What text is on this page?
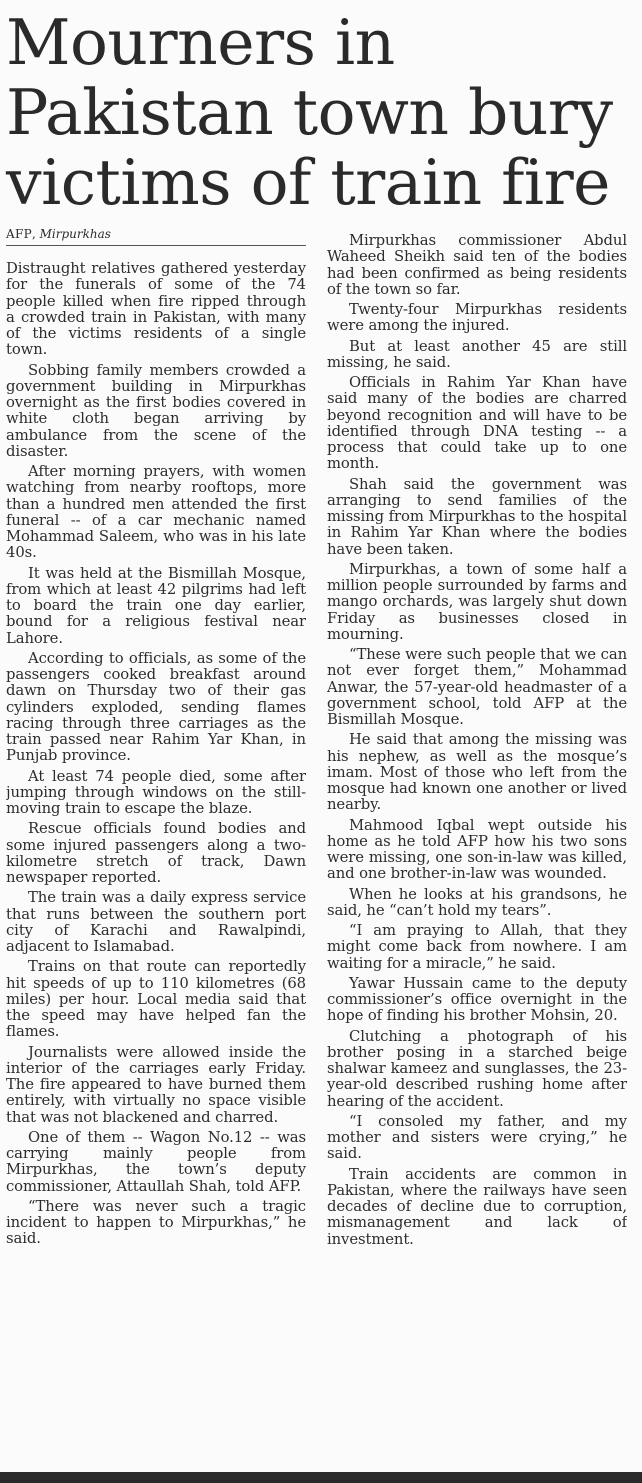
Mourners in Pakistan town bury victims of train fire
AFP, Mirpurkhas

Distraught relatives gathered yesterday for the funerals of some of the 74 people killed when fire ripped through a crowded train in Pakistan, with many of the victims residents of a single town.

Sobbing family members crowded a government building in Mirpurkhas overnight as the first bodies covered in white cloth began arriving by ambulance from the scene of the disaster.

After morning prayers, with women watching from nearby rooftops, more than a hundred men attended the first funeral -- of a car mechanic named Mohammad Saleem, who was in his late 40s.

It was held at the Bismillah Mosque, from which at least 42 pilgrims had left to board the train one day earlier, bound for a religious festival near Lahore.

According to officials, as some of the passengers cooked breakfast around dawn on Thursday two of their gas cylinders exploded, sending flames racing through three carriages as the train passed near Rahim Yar Khan, in Punjab province.

At least 74 people died, some after jumping through windows on the still-moving train to escape the blaze.

Rescue officials found bodies and some injured passengers along a two-kilometre stretch of track, Dawn newspaper reported.

The train was a daily express service that runs between the southern port city of Karachi and Rawalpindi, adjacent to Islamabad.

Trains on that route can reportedly hit speeds of up to 110 kilometres (68 miles) per hour. Local media said that the speed may have helped fan the flames.

Journalists were allowed inside the interior of the carriages early Friday. The fire appeared to have burned them entirely, with virtually no space visible that was not blackened and charred.

One of them -- Wagon No.12 -- was carrying mainly people from Mirpurkhas, the town’s deputy commissioner, Attaullah Shah, told AFP.

“There was never such a tragic incident to happen to Mirpurkhas,” he said.

Mirpurkhas commissioner Abdul Waheed Sheikh said ten of the bodies had been confirmed as being residents of the town so far.

Twenty-four Mirpurkhas residents were among the injured.

But at least another 45 are still missing, he said.

Officials in Rahim Yar Khan have said many of the bodies are charred beyond recognition and will have to be identified through DNA testing -- a process that could take up to one month.

Shah said the government was arranging to send families of the missing from Mirpurkhas to the hospital in Rahim Yar Khan where the bodies have been taken.

Mirpurkhas, a town of some half a million people surrounded by farms and mango orchards, was largely shut down Friday as businesses closed in mourning.

“These were such people that we can not ever forget them,” Mohammad Anwar, the 57-year-old headmaster of a government school, told AFP at the Bismillah Mosque.

He said that among the missing was his nephew, as well as the mosque’s imam. Most of those who left from the mosque had known one another or lived nearby.

Mahmood Iqbal wept outside his home as he told AFP how his two sons were missing, one son-in-law was killed, and one brother-in-law was wounded.

When he looks at his grandsons, he said, he “can’t hold my tears”.

“I am praying to Allah, that they might come back from nowhere. I am waiting for a miracle,” he said.

Yawar Hussain came to the deputy commissioner’s office overnight in the hope of finding his brother Mohsin, 20.

Clutching a photograph of his brother posing in a starched beige shalwar kameez and sunglasses, the 23-year-old described rushing home after hearing of the accident.

“I consoled my father, and my mother and sisters were crying,” he said.

Train accidents are common in Pakistan, where the railways have seen decades of decline due to corruption, mismanagement and lack of investment.
